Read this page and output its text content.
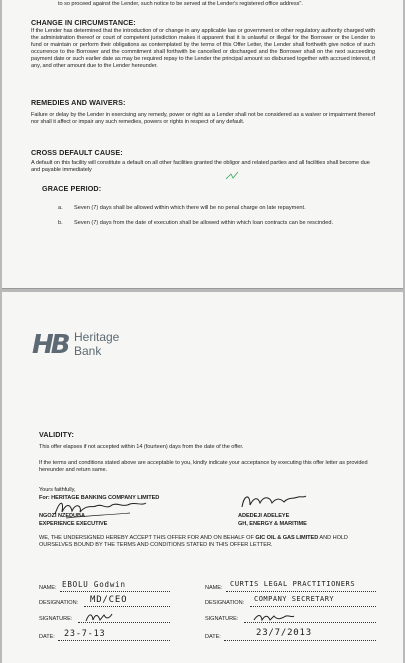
to so proceed against the Lender, such notice to be served at the Lender's registered office address".
CHANGE IN CIRCUMSTANCE:
If the Lender has determined that the introduction of or change in any applicable law or government or other regulatory authority charged with the administration thereof or court of competent jurisdiction makes it apparent that it is unlawful or illegal for the Borrower or the Lender to fund or maintain or perform their obligations as contemplated by the terms of this Offer Letter, the Lender shall forthwith give notice of such occurrence to the Borrower and the commitment shall forthwith be cancelled or discharged and the Borrower shall on the next succeeding payment date or such earlier date as may be required repay to the Lender the principal amount so disbursed together with accrued interest, if any, and other amount due to the Lender hereunder.
REMEDIES AND WAIVERS:
Failure or delay by the Lender in exercising any remedy, power or right as a Lender shall not be considered as a waiver or impairment thereof nor shall it affect or impair any such remedies, powers or rights in respect of any default.
CROSS DEFAULT CAUSE:
A default on this facility will constitute a default on all other facilities granted the obligor and related parties and all facilities shall become due and payable immediately
GRACE PERIOD:
a. Seven (7) days shall be allowed within which there will be no penal charge on late repayment.
b. Seven (7) days from the date of execution shall be allowed within which loan contracts can be rescinded.
HB Heritage
Bank
VALIDITY:
This offer elapses if not accepted within 14 (fourteen) days from the date of the offer.
If the terms and conditions stated above are acceptable to you, kindly indicate your acceptance by executing this offer letter as provided hereunder and return same.
Yours faithfully,
For: HERITAGE BANKING COMPANY LIMITED
NGOZI NZEDUBA
EXPERIENCE EXECUTIVE
ADEDEJI ADELEYE
GH, ENERGY & MARITIME
WE, THE UNDERSIGNED HEREBY ACCEPT THIS OFFER FOR AND ON BEHALF OF GIC OIL & GAS LIMITED AND HOLD OURSELVES BOUND BY THE TERMS AND CONDITIONS STATED IN THIS OFFER LETTER.
NAME: EBOLU Godwin
DESIGNATION: MD/CEO
SIGNATURE:
DATE: 23-7-13
NAME: CURTIS LEGAL PRACTITIONERS
DESIGNATION: COMPANY SECRETARY
SIGNATURE:
DATE:	23/7/2013
